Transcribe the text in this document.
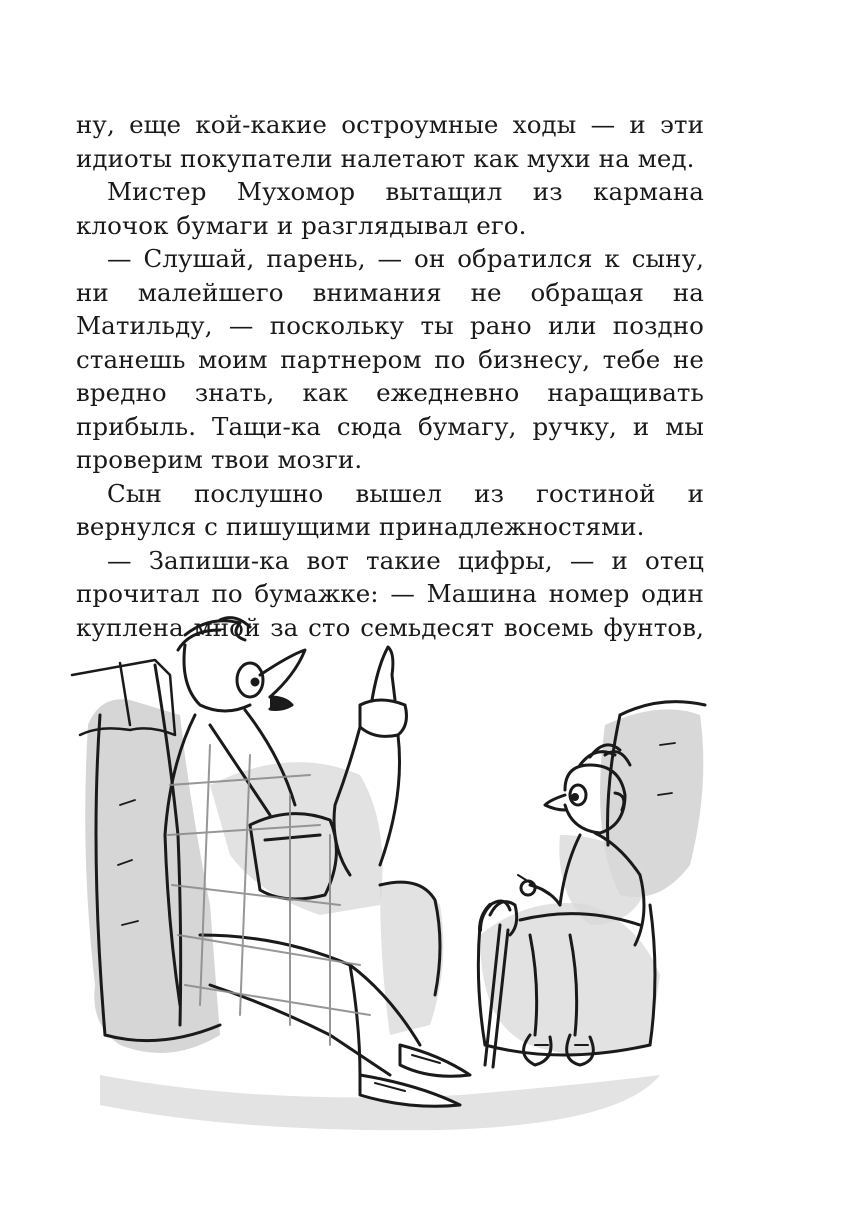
ну, еще кой-какие остроумные ходы — и эти идиоты покупатели налетают как мухи на мед.

Мистер Мухомор вытащил из кармана клочок бумаги и разглядывал его.

— Слушай, парень, — он обратился к сыну, ни малейшего внимания не обращая на Матильду, — поскольку ты рано или поздно станешь моим партнером по бизнесу, тебе не вредно знать, как ежедневно наращивать прибыль. Тащи-ка сюда бумагу, ручку, и мы проверим твои мозги.

Сын послушно вышел из гостиной и вернулся с пишущими принадлежностями.

— Запиши-ка вот такие цифры, — и отец прочитал по бумажке: — Машина номер один куплена мной за сто семьдесят восемь фунтов,
